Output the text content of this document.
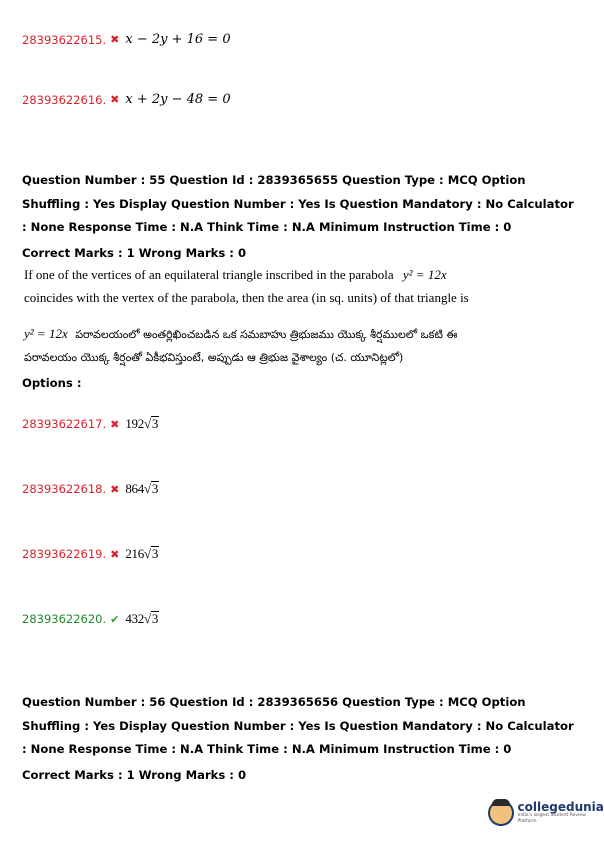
28393622615. ✖ x − 2y + 16 = 0
28393622616. ✖ x + 2y − 48 = 0
Question Number : 55 Question Id : 2839365655 Question Type : MCQ Option Shuffling : Yes Display Question Number : Yes Is Question Mandatory : No Calculator : None Response Time : N.A Think Time : N.A Minimum Instruction Time : 0
Correct Marks : 1 Wrong Marks : 0
If one of the vertices of an equilateral triangle inscribed in the parabola y² = 12x
coincides with the vertex of the parabola, then the area (in sq. units) of that triangle is
y² = 12x పరావలయంలో అంతర్లిఖించబడిన ఒక సమబాహు త్రిభుజము యొక్క శీర్షములలో ఒకటి ఈ
పరావలయం యొక్క శీర్షంతో ఏకీభవిస్తుంటే, అప్పుడు ఆ త్రిభుజ వైశాల్యం (చ. యూనిట్లలో)
Options :
28393622617. ✖ 192√3
28393622618. ✖ 864√3
28393622619. ✖ 216√3
28393622620. ✔ 432√3
Question Number : 56 Question Id : 2839365656 Question Type : MCQ Option Shuffling : Yes Display Question Number : Yes Is Question Mandatory : No Calculator : None Response Time : N.A Think Time : N.A Minimum Instruction Time : 0
Correct Marks : 1 Wrong Marks : 0
collegedunia
India's largest Student Review Platform
